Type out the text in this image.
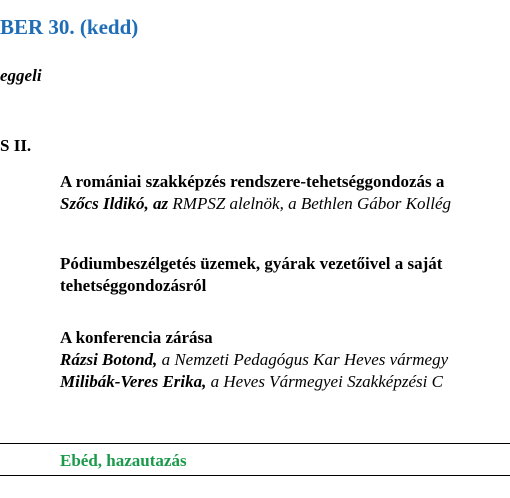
BER 30. (kedd)
eggeli
S II.
A romániai szakképzés rendszere-tehetséggondozás a
Szőcs Ildikó, az RMPSZ alelnök, a Bethlen Gábor Kollég
Pódiumbeszélgetés üzemek, gyárak vezetőivel a saját
tehetséggondozásról
A konferencia zárása
Rázsi Botond, a Nemzeti Pedagógus Kar Heves vármegy
Milibák-Veres Erika, a Heves Vármegyei Szakképzési C
Ebéd, hazautazás
